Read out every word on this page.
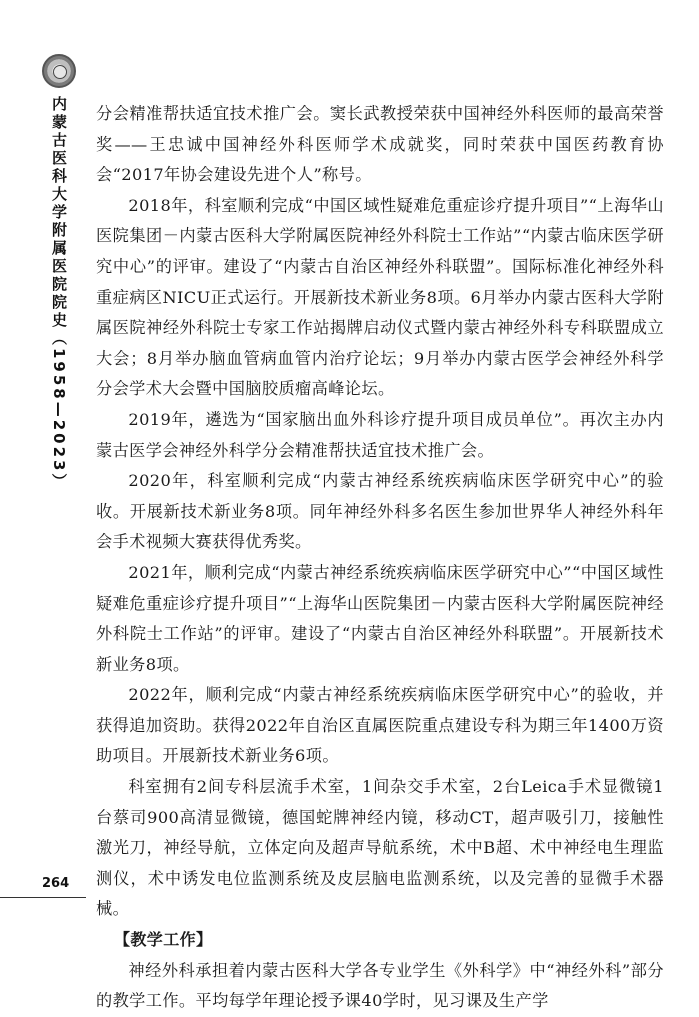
内蒙古医科大学附属医院院史（1958—2023）
264

分会精准帮扶适宜技术推广会。窦长武教授荣获中国神经外科医师的最高荣誉奖——王忠诚中国神经外科医师学术成就奖，同时荣获中国医药教育协会“2017年协会建设先进个人”称号。

2018年，科室顺利完成“中国区域性疑难危重症诊疗提升项目”“上海华山医院集团－内蒙古医科大学附属医院神经外科院士工作站”“内蒙古临床医学研究中心”的评审。建设了“内蒙古自治区神经外科联盟”。国际标准化神经外科重症病区NICU正式运行。开展新技术新业务8项。6月举办内蒙古医科大学附属医院神经外科院士专家工作站揭牌启动仪式暨内蒙古神经外科专科联盟成立大会；8月举办脑血管病血管内治疗论坛；9月举办内蒙古医学会神经外科学分会学术大会暨中国脑胶质瘤高峰论坛。

2019年，遴选为“国家脑出血外科诊疗提升项目成员单位”。再次主办内蒙古医学会神经外科学分会精准帮扶适宜技术推广会。

2020年，科室顺利完成“内蒙古神经系统疾病临床医学研究中心”的验收。开展新技术新业务8项。同年神经外科多名医生参加世界华人神经外科年会手术视频大赛获得优秀奖。

2021年，顺利完成“内蒙古神经系统疾病临床医学研究中心”“中国区域性疑难危重症诊疗提升项目”“上海华山医院集团－内蒙古医科大学附属医院神经外科院士工作站”的评审。建设了“内蒙古自治区神经外科联盟”。开展新技术新业务8项。

2022年，顺利完成“内蒙古神经系统疾病临床医学研究中心”的验收，并获得追加资助。获得2022年自治区直属医院重点建设专科为期三年1400万资助项目。开展新技术新业务6项。

科室拥有2间专科层流手术室，1间杂交手术室，2台Leica手术显微镜1台蔡司900高清显微镜，德国蛇牌神经内镜，移动CT，超声吸引刀，接触性激光刀，神经导航，立体定向及超声导航系统，术中B超、术中神经电生理监测仪，术中诱发电位监测系统及皮层脑电监测系统，以及完善的显微手术器械。

【教学工作】

神经外科承担着内蒙古医科大学各专业学生《外科学》中“神经外科”部分的教学工作。平均每学年理论授予课40学时，见习课及生产学
